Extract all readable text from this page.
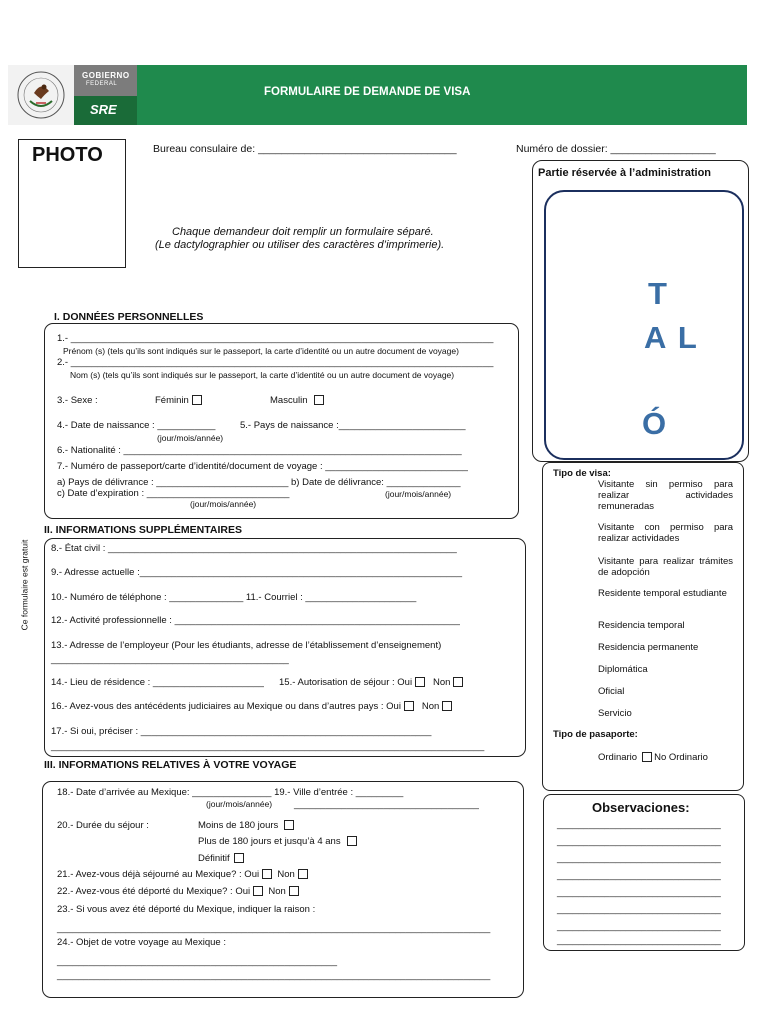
GOBIERNO
FEDERAL
SRE
FORMULAIRE DE DEMANDE DE VISA
PHOTO	Bureau consulaire de: __________________________________	Numéro de dossier: __________________
Partie réservée à l’administration
T
A L
Ó
Chaque demandeur doit remplir un formulaire séparé.
(Le dactylographier ou utiliser des caractères d’imprimerie).
Ce formulaire est gratuit
I. DONNÉES PERSONNELLES
1.- ________________________________________________________________________________
Prénom (s) (tels qu’ils sont indiqués sur le passeport, la carte d’identité ou un autre document de voyage)
2.- ________________________________________________________________________________
Nom (s) (tels qu’ils sont indiqués sur le passeport, la carte d’identité ou un autre document de voyage)
3.- Sexe :	Féminin	Masculin
4.- Date de naissance : ___________	5.- Pays de naissance :________________________
(jour/mois/année)
6.- Nationalité : ________________________________________________________________
7.- Numéro de passeport/carte d’identité/document de voyage : ___________________________
a) Pays de délivrance : _________________________ b) Date de délivrance: ______________
c) Date d’expiration : ___________________________	(jour/mois/année)
(jour/mois/année)
II. INFORMATIONS SUPPLÉMENTAIRES
8.- État civil : __________________________________________________________________
9.- Adresse actuelle :_____________________________________________________________
10.- Numéro de téléphone : ______________ 11.- Courriel : _____________________
12.- Activité professionnelle : ______________________________________________________
13.- Adresse de l’employeur (Pour les étudiants, adresse de l’établissement d’enseignement)
_____________________________________________
14.- Lieu de résidence : _____________________ 15.- Autorisation de séjour : Oui Non
16.- Avez-vous des antécédents judiciaires au Mexique ou dans d’autres pays : Oui Non
17.- Si oui, préciser : _______________________________________________________
__________________________________________________________________________________
III. INFORMATIONS RELATIVES À VOTRE VOYAGE
18.- Date d’arrivée au Mexique: _______________ 19.- Ville d’entrée : _________
(jour/mois/année) ___________________________________
20.- Durée du séjour :	Moins de 180 jours
Plus de 180 jours et jusqu’à 4 ans
Définitif
21.- Avez-vous déjà séjourné au Mexique? : Oui Non
22.- Avez-vous été déporté du Mexique? : Oui Non
23.- Si vous avez été déporté du Mexique, indiquer la raison :
__________________________________________________________________________________
24.- Objet de votre voyage au Mexique :
_____________________________________________________
__________________________________________________________________________________
Tipo de visa:
Visitante sin permiso para realizar actividades remuneradas
Visitante con permiso para realizar actividades
Visitante para realizar trámites de adopción
Residente temporal estudiante
Residencia temporal
Residencia permanente
Diplomática
Oficial
Servicio
Tipo de pasaporte:
Ordinario No Ordinario
Observaciones:
_______________________________
_______________________________
_______________________________
_______________________________
_______________________________
_______________________________
_______________________________
_______________________________
